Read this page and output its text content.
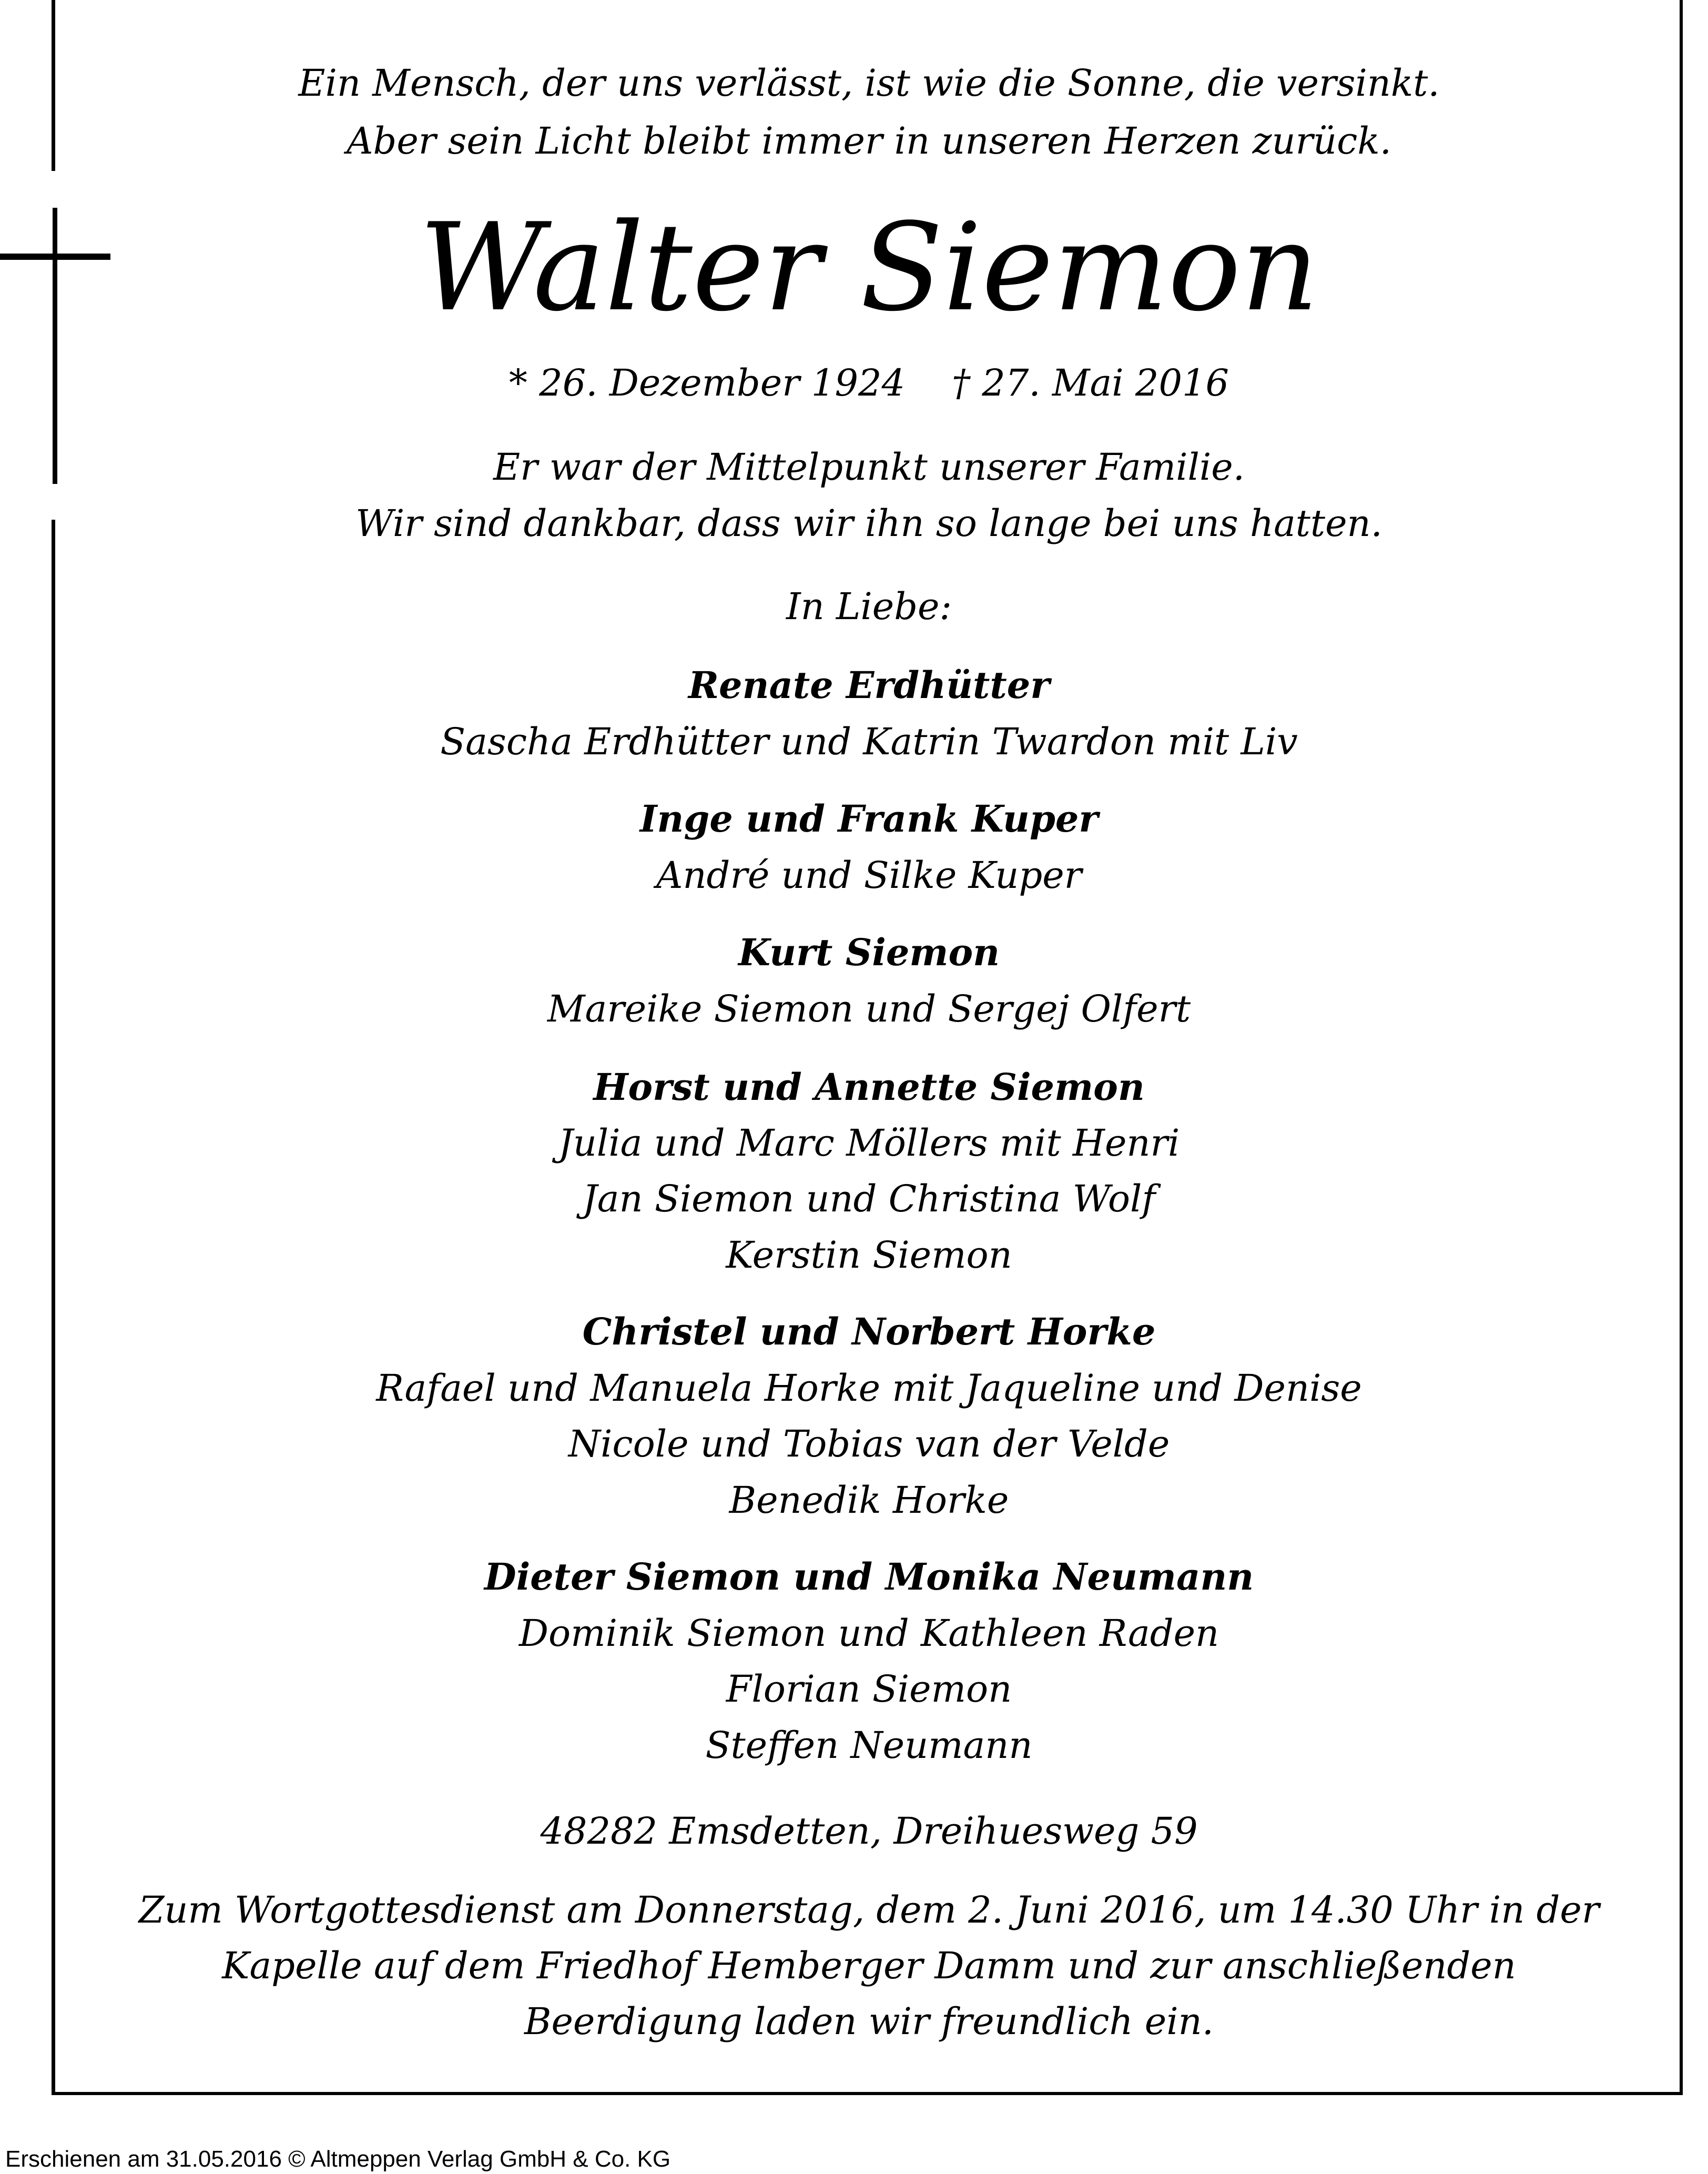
Ein Mensch, der uns verlässt, ist wie die Sonne, die versinkt.
Aber sein Licht bleibt immer in unseren Herzen zurück.
Walter Siemon
* 26. Dezember 1924    † 27. Mai 2016
Er war der Mittelpunkt unserer Familie.
Wir sind dankbar, dass wir ihn so lange bei uns hatten.
In Liebe:
Renate Erdhütter
Sascha Erdhütter und Katrin Twardon mit Liv
Inge und Frank Kuper
André und Silke Kuper
Kurt Siemon
Mareike Siemon und Sergej Olfert
Horst und Annette Siemon
Julia und Marc Möllers mit Henri
Jan Siemon und Christina Wolf
Kerstin Siemon
Christel und Norbert Horke
Rafael und Manuela Horke mit Jaqueline und Denise
Nicole und Tobias van der Velde
Benedik Horke
Dieter Siemon und Monika Neumann
Dominik Siemon und Kathleen Raden
Florian Siemon
Steffen Neumann
48282 Emsdetten, Dreihuesweg 59
Zum Wortgottesdienst am Donnerstag, dem 2. Juni 2016, um 14.30 Uhr in der
Kapelle auf dem Friedhof Hemberger Damm und zur anschließenden
Beerdigung laden wir freundlich ein.
Erschienen am 31.05.2016 © Altmeppen Verlag GmbH & Co. KG
